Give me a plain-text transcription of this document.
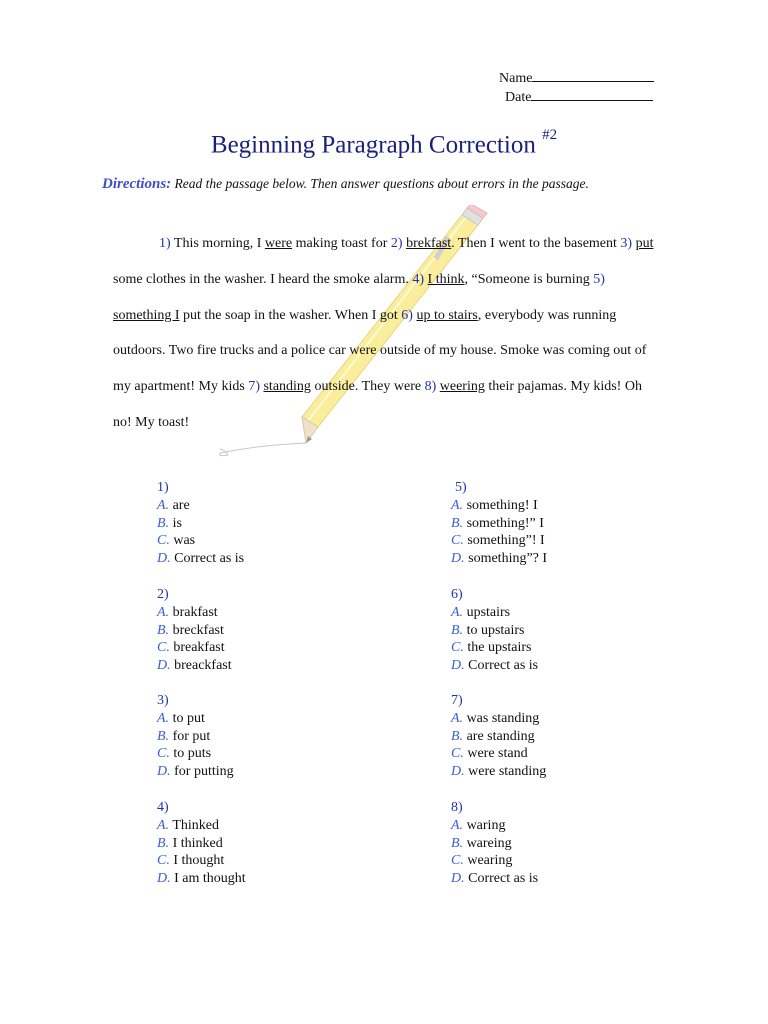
Name
Date
Beginning Paragraph Correction $^{\#2}$
Directions: Read the passage below. Then answer questions about errors in the passage.
1) This morning, I were making toast for 2) brekfast. Then I went to the basement 3) put some clothes in the washer. I heard the smoke alarm. 4) I think, “Someone is burning 5) something I put the soap in the washer. When I got 6) up to stairs, everybody was running outdoors. Two fire trucks and a police car were outside of my house. Smoke was coming out of my apartment! My kids 7) standing outside. They were 8) weering their pajamas. My kids! Oh no! My toast!
1)
A. are
B. is
C. was
D. Correct as is
2)
A. brakfast
B. breckfast
C. breakfast
D. breackfast
3)
A. to put
B. for put
C. to puts
D. for putting
4)
A. Thinked
B. I thinked
C. I thought
D. I am thought
5)
A. something! I
B. something!” I
C. something”! I
D. something”? I
6)
A. upstairs
B. to upstairs
C. the upstairs
D. Correct as is
7)
A. was standing
B. are standing
C. were stand
D. were standing
8)
A. waring
B. wareing
C. wearing
D. Correct as is
